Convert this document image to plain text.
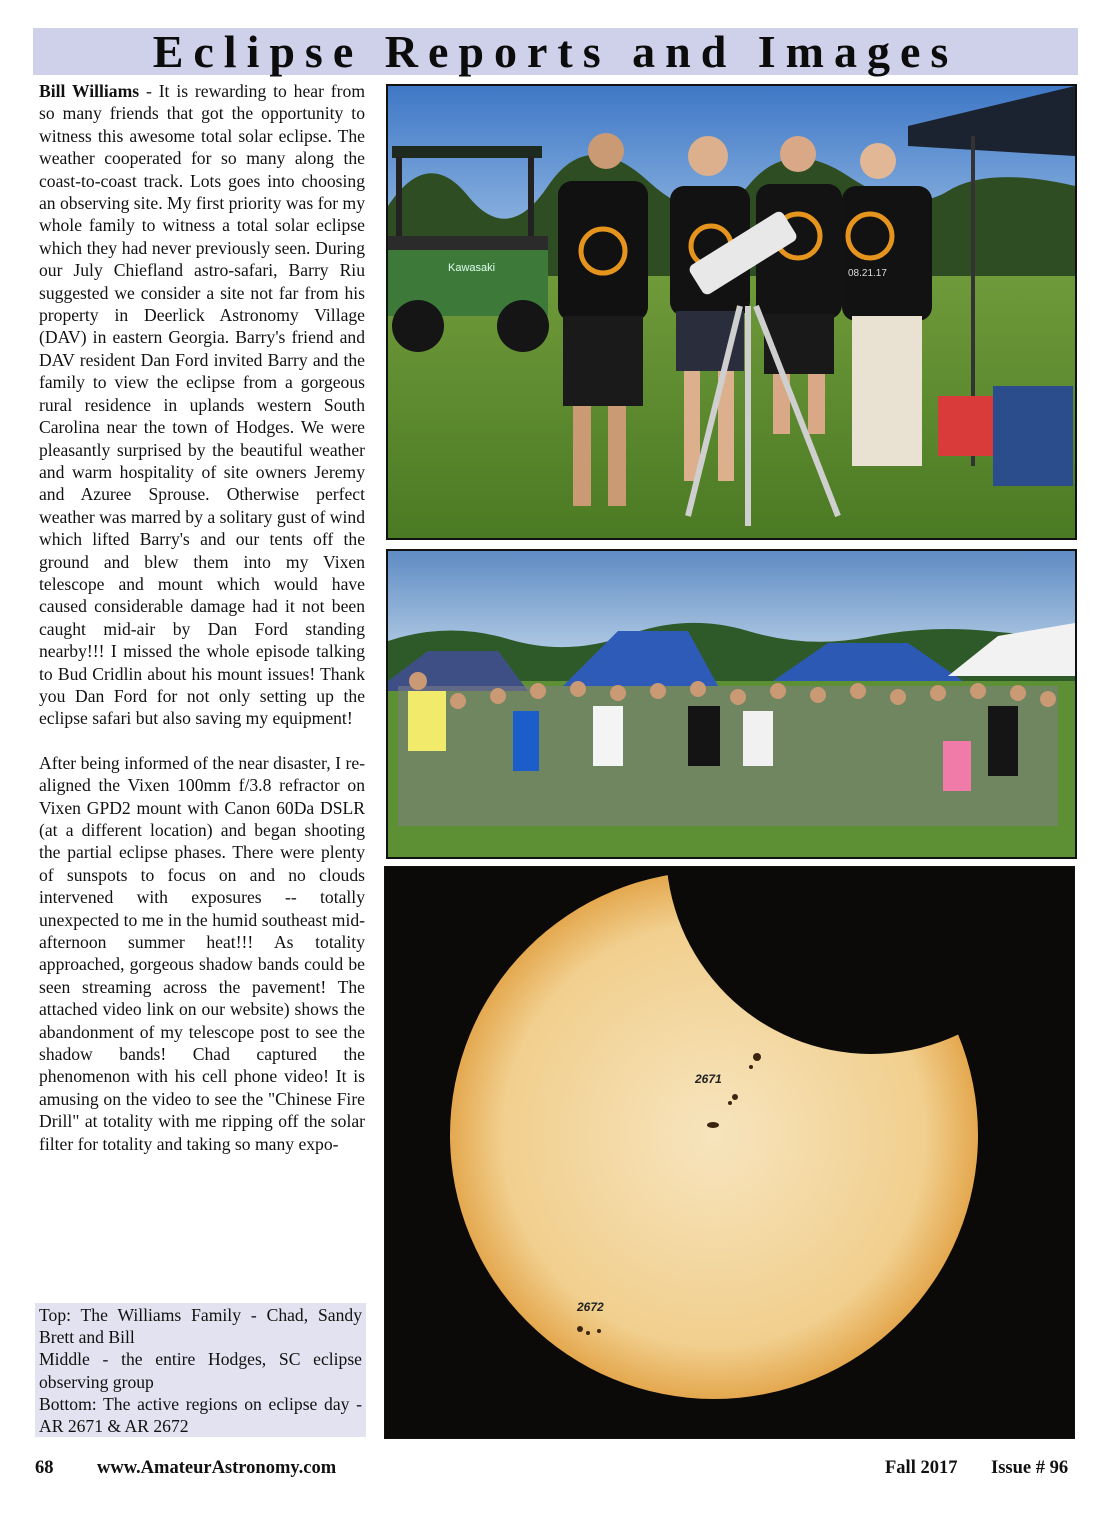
Eclipse Reports and Images

Bill Williams - It is rewarding to hear from so many friends that got the opportunity to witness this awesome total solar eclipse. The weather cooperated for so many along the coast-to-coast track. Lots goes into choosing an observing site. My first priority was for my whole family to witness a total solar eclipse which they had never previously seen. During our July Chiefland astro-safari, Barry Riu suggested we consider a site not far from his property in Deerlick Astronomy Village (DAV) in eastern Georgia. Barry's friend and DAV resident Dan Ford invited Barry and the family to view the eclipse from a gorgeous rural residence in uplands western South Carolina near the town of Hodges. We were pleasantly surprised by the beautiful weather and warm hospitality of site owners Jeremy and Azuree Sprouse. Otherwise perfect weather was marred by a solitary gust of wind which lifted Barry's and our tents off the ground and blew them into my Vixen telescope and mount which would have caused considerable damage had it not been caught mid-air by Dan Ford standing nearby!!! I missed the whole episode talking to Bud Cridlin about his mount issues! Thank you Dan Ford for not only setting up the eclipse safari but also saving my equipment!

After being informed of the near disaster, I re-aligned the Vixen 100mm f/3.8 refractor on Vixen GPD2 mount with Canon 60Da DSLR (at a different location) and began shooting the partial eclipse phases. There were plenty of sunspots to focus on and no clouds intervened with exposures -- totally unexpected to me in the humid southeast mid-afternoon summer heat!!! As totality approached, gorgeous shadow bands could be seen streaming across the pavement! The attached video link on our website) shows the abandonment of my telescope post to see the shadow bands! Chad captured the phenomenon with his cell phone video! It is amusing on the video to see the "Chinese Fire Drill" at totality with me ripping off the solar filter for totality and taking so many expo-

Top: The Williams Family - Chad, Sandy Brett and Bill
Middle - the entire Hodges, SC eclipse observing group
Bottom: The active regions on eclipse day - AR 2671 & AR 2672
Kawasaki	08.21.17
2671
2672
68 www.AmateurAstronomy.com	Fall 2017 Issue # 96
